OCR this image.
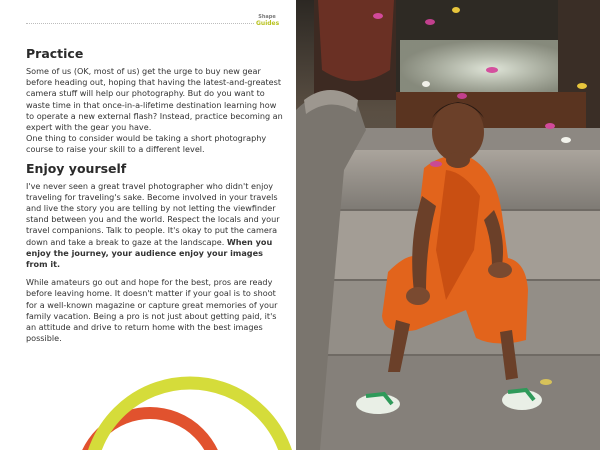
Shape
Guides
Practice

Some of us (OK, most of us) get the urge to buy new gear before heading out, hoping that having the latest-and-greatest camera stuff will help our photography. But do you want to waste time in that once-in-a-lifetime destination learning how to operate a new external flash? Instead, practice becoming an expert with the gear you have.

One thing to consider would be taking a short photography course to raise your skill to a different level.

Enjoy yourself

I've never seen a great travel photographer who didn't enjoy traveling for traveling's sake. Become involved in your travels and live the story you are telling by not letting the viewfinder stand between you and the world. Respect the locals and your travel companions. Talk to people. It's okay to put the camera down and take a break to gaze at the landscape. When you enjoy the journey, your audience enjoy your images from it.

While amateurs go out and hope for the best, pros are ready before leaving home. It doesn't matter if your goal is to shoot for a well-known magazine or capture great memories of your family vacation. Being a pro is not just about getting paid, it's an attitude and drive to return home with the best images possible.
